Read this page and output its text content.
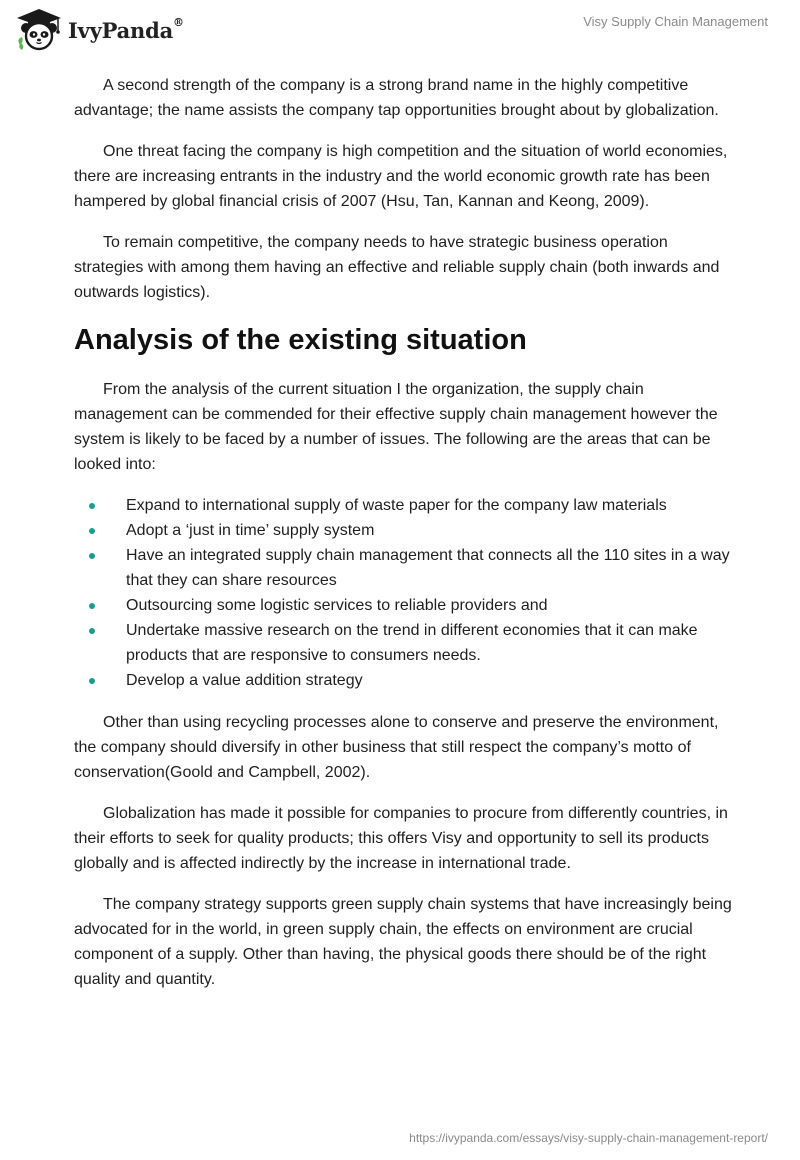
IvyPanda®	Visy Supply Chain Management

A second strength of the company is a strong brand name in the highly competitive advantage; the name assists the company tap opportunities brought about by globalization.

One threat facing the company is high competition and the situation of world economies, there are increasing entrants in the industry and the world economic growth rate has been hampered by global financial crisis of 2007 (Hsu, Tan, Kannan and Keong, 2009).

To remain competitive, the company needs to have strategic business operation strategies with among them having an effective and reliable supply chain (both inwards and outwards logistics).

Analysis of the existing situation

From the analysis of the current situation I the organization, the supply chain management can be commended for their effective supply chain management however the system is likely to be faced by a number of issues. The following are the areas that can be looked into:

Expand to international supply of waste paper for the company law materials
Adopt a ‘just in time’ supply system
Have an integrated supply chain management that connects all the 110 sites in a way that they can share resources
Outsourcing some logistic services to reliable providers and
Undertake massive research on the trend in different economies that it can make products that are responsive to consumers needs.
Develop a value addition strategy

Other than using recycling processes alone to conserve and preserve the environment, the company should diversify in other business that still respect the company’s motto of conservation(Goold and Campbell, 2002).

Globalization has made it possible for companies to procure from differently countries, in their efforts to seek for quality products; this offers Visy and opportunity to sell its products globally and is affected indirectly by the increase in international trade.

The company strategy supports green supply chain systems that have increasingly being advocated for in the world, in green supply chain, the effects on environment are crucial component of a supply. Other than having, the physical goods there should be of the right quality and quantity.

https://ivypanda.com/essays/visy-supply-chain-management-report/
